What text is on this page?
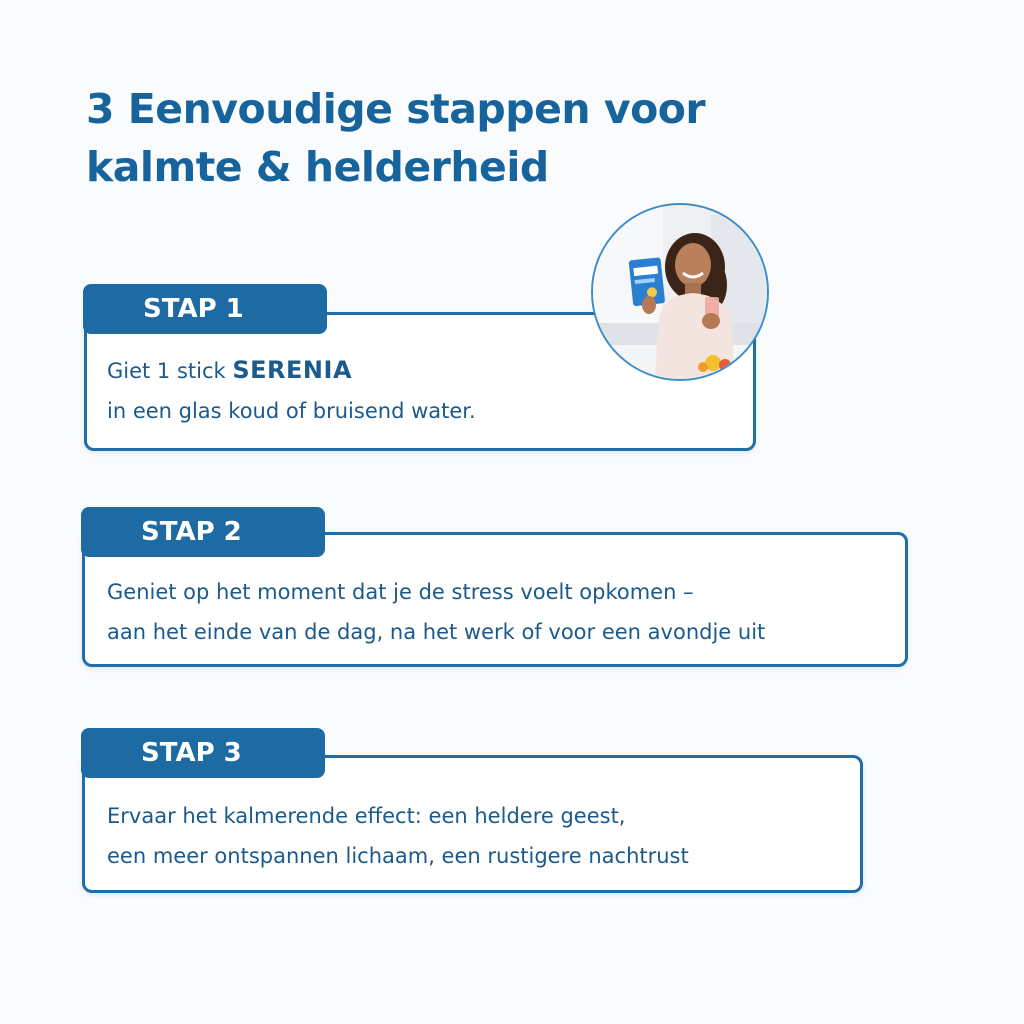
3 Eenvoudige stappen voor
kalmte & helderheid
STAP 1

Giet 1 stick SERENIA
in een glas koud of bruisend water.

STAP 2

Geniet op het moment dat je de stress voelt opkomen –
aan het einde van de dag, na het werk of voor een avondje uit

STAP 3

Ervaar het kalmerende effect: een heldere geest,
een meer ontspannen lichaam, een rustigere nachtrust
